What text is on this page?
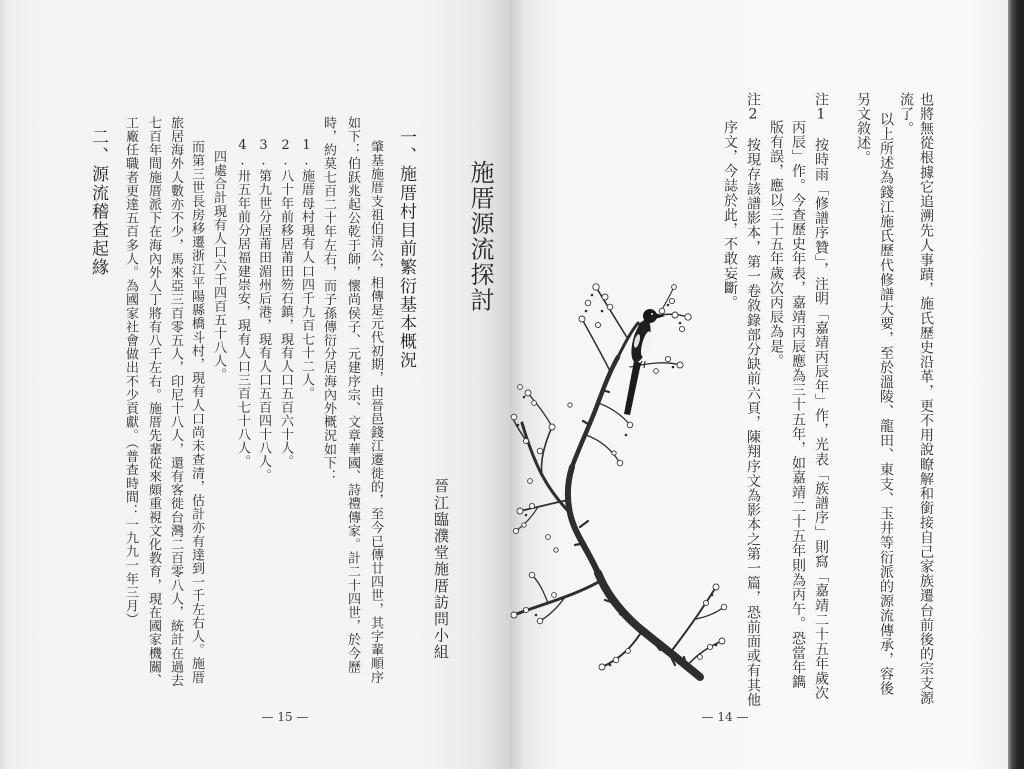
施厝源流探討
晉江臨濮堂施厝訪問小組
一、施厝村目前繁衍基本概況
肇基施厝支祖伯清公，相傳是元代初期，由晉邑錢江遷徙的，至今已傳廿四世，其字輩順序
如下：伯跃兆起公乾于師，懷尚侯子、元建序宗、文章華國、詩禮傳家。計二十四世，於今歷
時，約莫七百二十年左右，而子孫傳衍分居海內外概況如下：
1.施厝母村現有人口四千九百七十二人。
2.八十年前移居莆田笏石鎮，現有人口五百六十人。
3.第九世分居莆田湄州后港，現有人口五百四十八人。
4.卅五年前分居福建崇安，現有人口三百七十八人。
四處合計現有人口六千四百五十八人。
而第三世長房移遷浙江平陽縣橋斗村，現有人口尚未查清，估計亦有達到一千左右人。施厝
旅居海外人數亦不少，馬來亞三百零五人，印尼十八人，還有客徙台灣二百零八人，統計在過去
七百年間施厝派下在海內外人丁將有八千左右。施厝先輩從來頗重視文化教育，現在國家機關、
工廠任職者更達五百多人。為國家社會做出不少貢獻。（普查時間：一九九一年三月）
二、源流稽查起緣
— 15 —
也將無從根據它追溯先人事蹟，施氏歷史沿革，更不用說瞭解和銜接自己家族遷台前後的宗支源
流了。
以上所述為錢江施氏歷代修譜大要，至於溫陵、龍田、東支、玉井等衍派的源流傳承，容後
另文敘述。
注1　按時雨「修譜序贊」，注明「嘉靖丙辰年」作，光表「族譜序」則寫「嘉靖二十五年歲次
丙辰」作。今查歷史年表，嘉靖丙辰應為三十五年，如嘉靖二十五年則為丙午。恐當年鐫
版有誤，應以三十五年歲次丙辰為是。
注2　按現存該譜影本，第一卷敘錄部分缺前六頁，陳翔序文為影本之第一篇，恐前面或有其他
序文，今誌於此，不敢妄斷。
— 14 —
